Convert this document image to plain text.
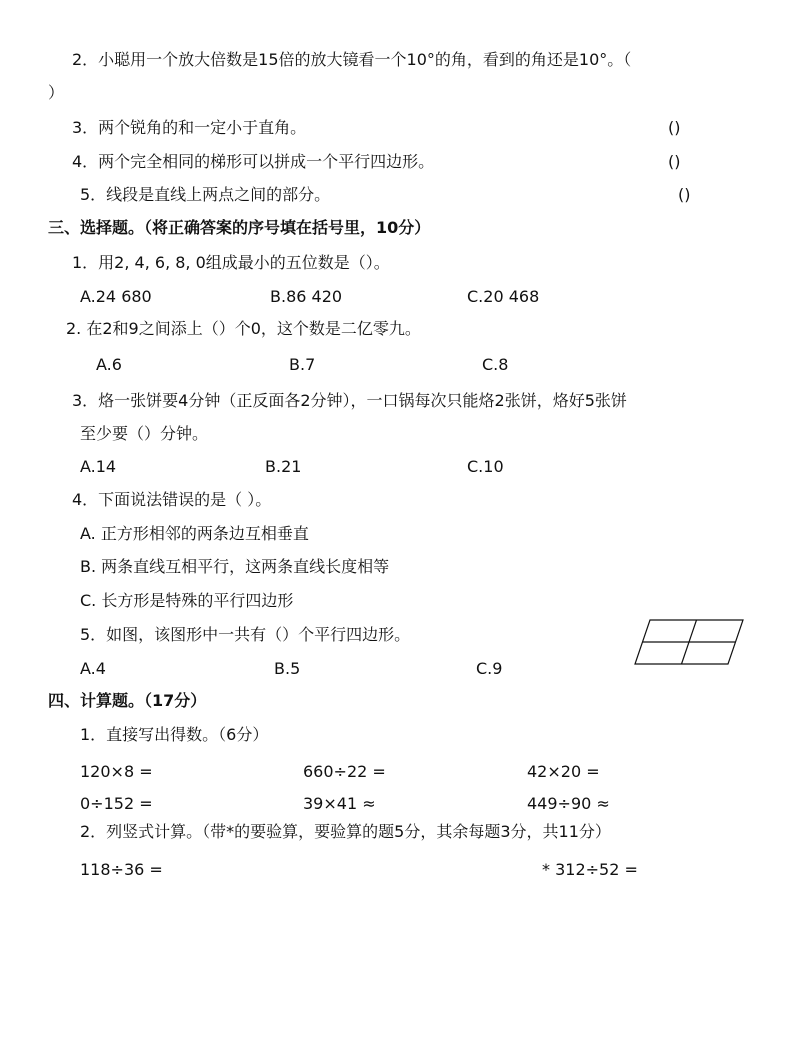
2．小聪用一个放大倍数是15倍的放大镜看一个10°的角，看到的角还是10°。（
）
3．两个锐角的和一定小于直角。	()
4．两个完全相同的梯形可以拼成一个平行四边形。	()
5．线段是直线上两点之间的部分。	()
三、选择题。（将正确答案的序号填在括号里，10分）
1．用2, 4, 6, 8, 0组成最小的五位数是（）。
A.24 680	B.86 420	C.20 468
2. 在2和9之间添上（）个0，这个数是二亿零九。
A.6	B.7	C.8
3．烙一张饼要4分钟（正反面各2分钟），一口锅每次只能烙2张饼，烙好5张饼
至少要（）分钟。
A.14	B.21	C.10
4．下面说法错误的是（ ）。
A. 正方形相邻的两条边互相垂直
B. 两条直线互相平行，这两条直线长度相等
C. 长方形是特殊的平行四边形
5．如图，该图形中一共有（）个平行四边形。
A.4	B.5	C.9
四、计算题。（17分）
1．直接写出得数。（6分）
120×8 =	660÷22 =	42×20 =
0÷152 =	39×41 ≈	449÷90 ≈
2．列竖式计算。（带*的要验算，要验算的题5分，其余每题3分，共11分）
118÷36 =	* 312÷52 =
